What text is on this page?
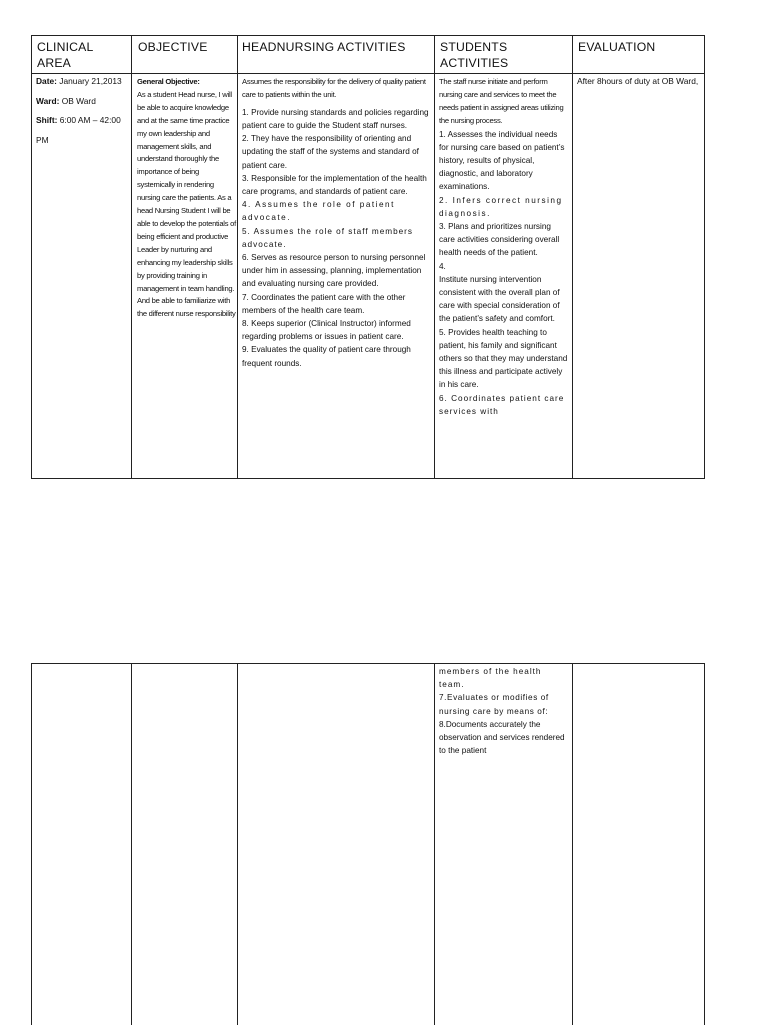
CLINICAL
AREA
OBJECTIVE	HEADNURSING ACTIVITIES	STUDENTS
ACTIVITIES
EVALUATION
Date: January 21,2013
Ward: OB Ward
Shift: 6:00 AM – 42:00 PM

General Objective:

As a student Head nurse, I will be able to acquire knowledge and at the same time practice my own leadership and management skills, and understand thoroughly the importance of being systemically in rendering nursing care the patients. As a head Nursing Student I will be able to develop the potentials of being efficient and productive Leader by nurturing and enhancing my leadership skills by providing training in management in team handling. And be able to familiarize with the different nurse responsibility

Assumes the responsibility for the delivery of quality patient care to patients within the unit.

1. Provide nursing standards and policies regarding patient care to guide the Student staff nurses.

2. They have the responsibility of orienting and updating the staff of the systems and standard of patient care.

3. Responsible for the implementation of the health care programs, and standards of patient care.

4. Assumes the role of patient advocate.

5. Assumes the role of staff members advocate.

6. Serves as resource person to nursing personnel under him in assessing, planning, implementation and evaluating nursing care provided.

7. Coordinates the patient care with the other members of the health care team.

8. Keeps superior (Clinical Instructor) informed regarding problems or issues in patient care.

9. Evaluates the quality of patient care through frequent rounds.

The staff nurse initiate and perform nursing care and services to meet the needs patient in assigned areas utilizing the nursing process.

1. Assesses the individual needs for nursing care based on patient’s history, results of physical, diagnostic, and laboratory examinations.

2. Infers correct nursing diagnosis.

3. Plans and prioritizes nursing care activities considering overall health needs of the patient.

4.

Institute nursing intervention consistent with the overall plan of care with special consideration of the patient’s safety and comfort.

5. Provides health teaching to patient, his family and significant others so that they may understand this illness and participate actively in his care.

6. Coordinates patient care services with

After 8hours of duty at OB Ward,

members of the health team.

7.Evaluates or modifies of nursing care by means of:

8.Documents accurately the observation and services rendered to the patient
